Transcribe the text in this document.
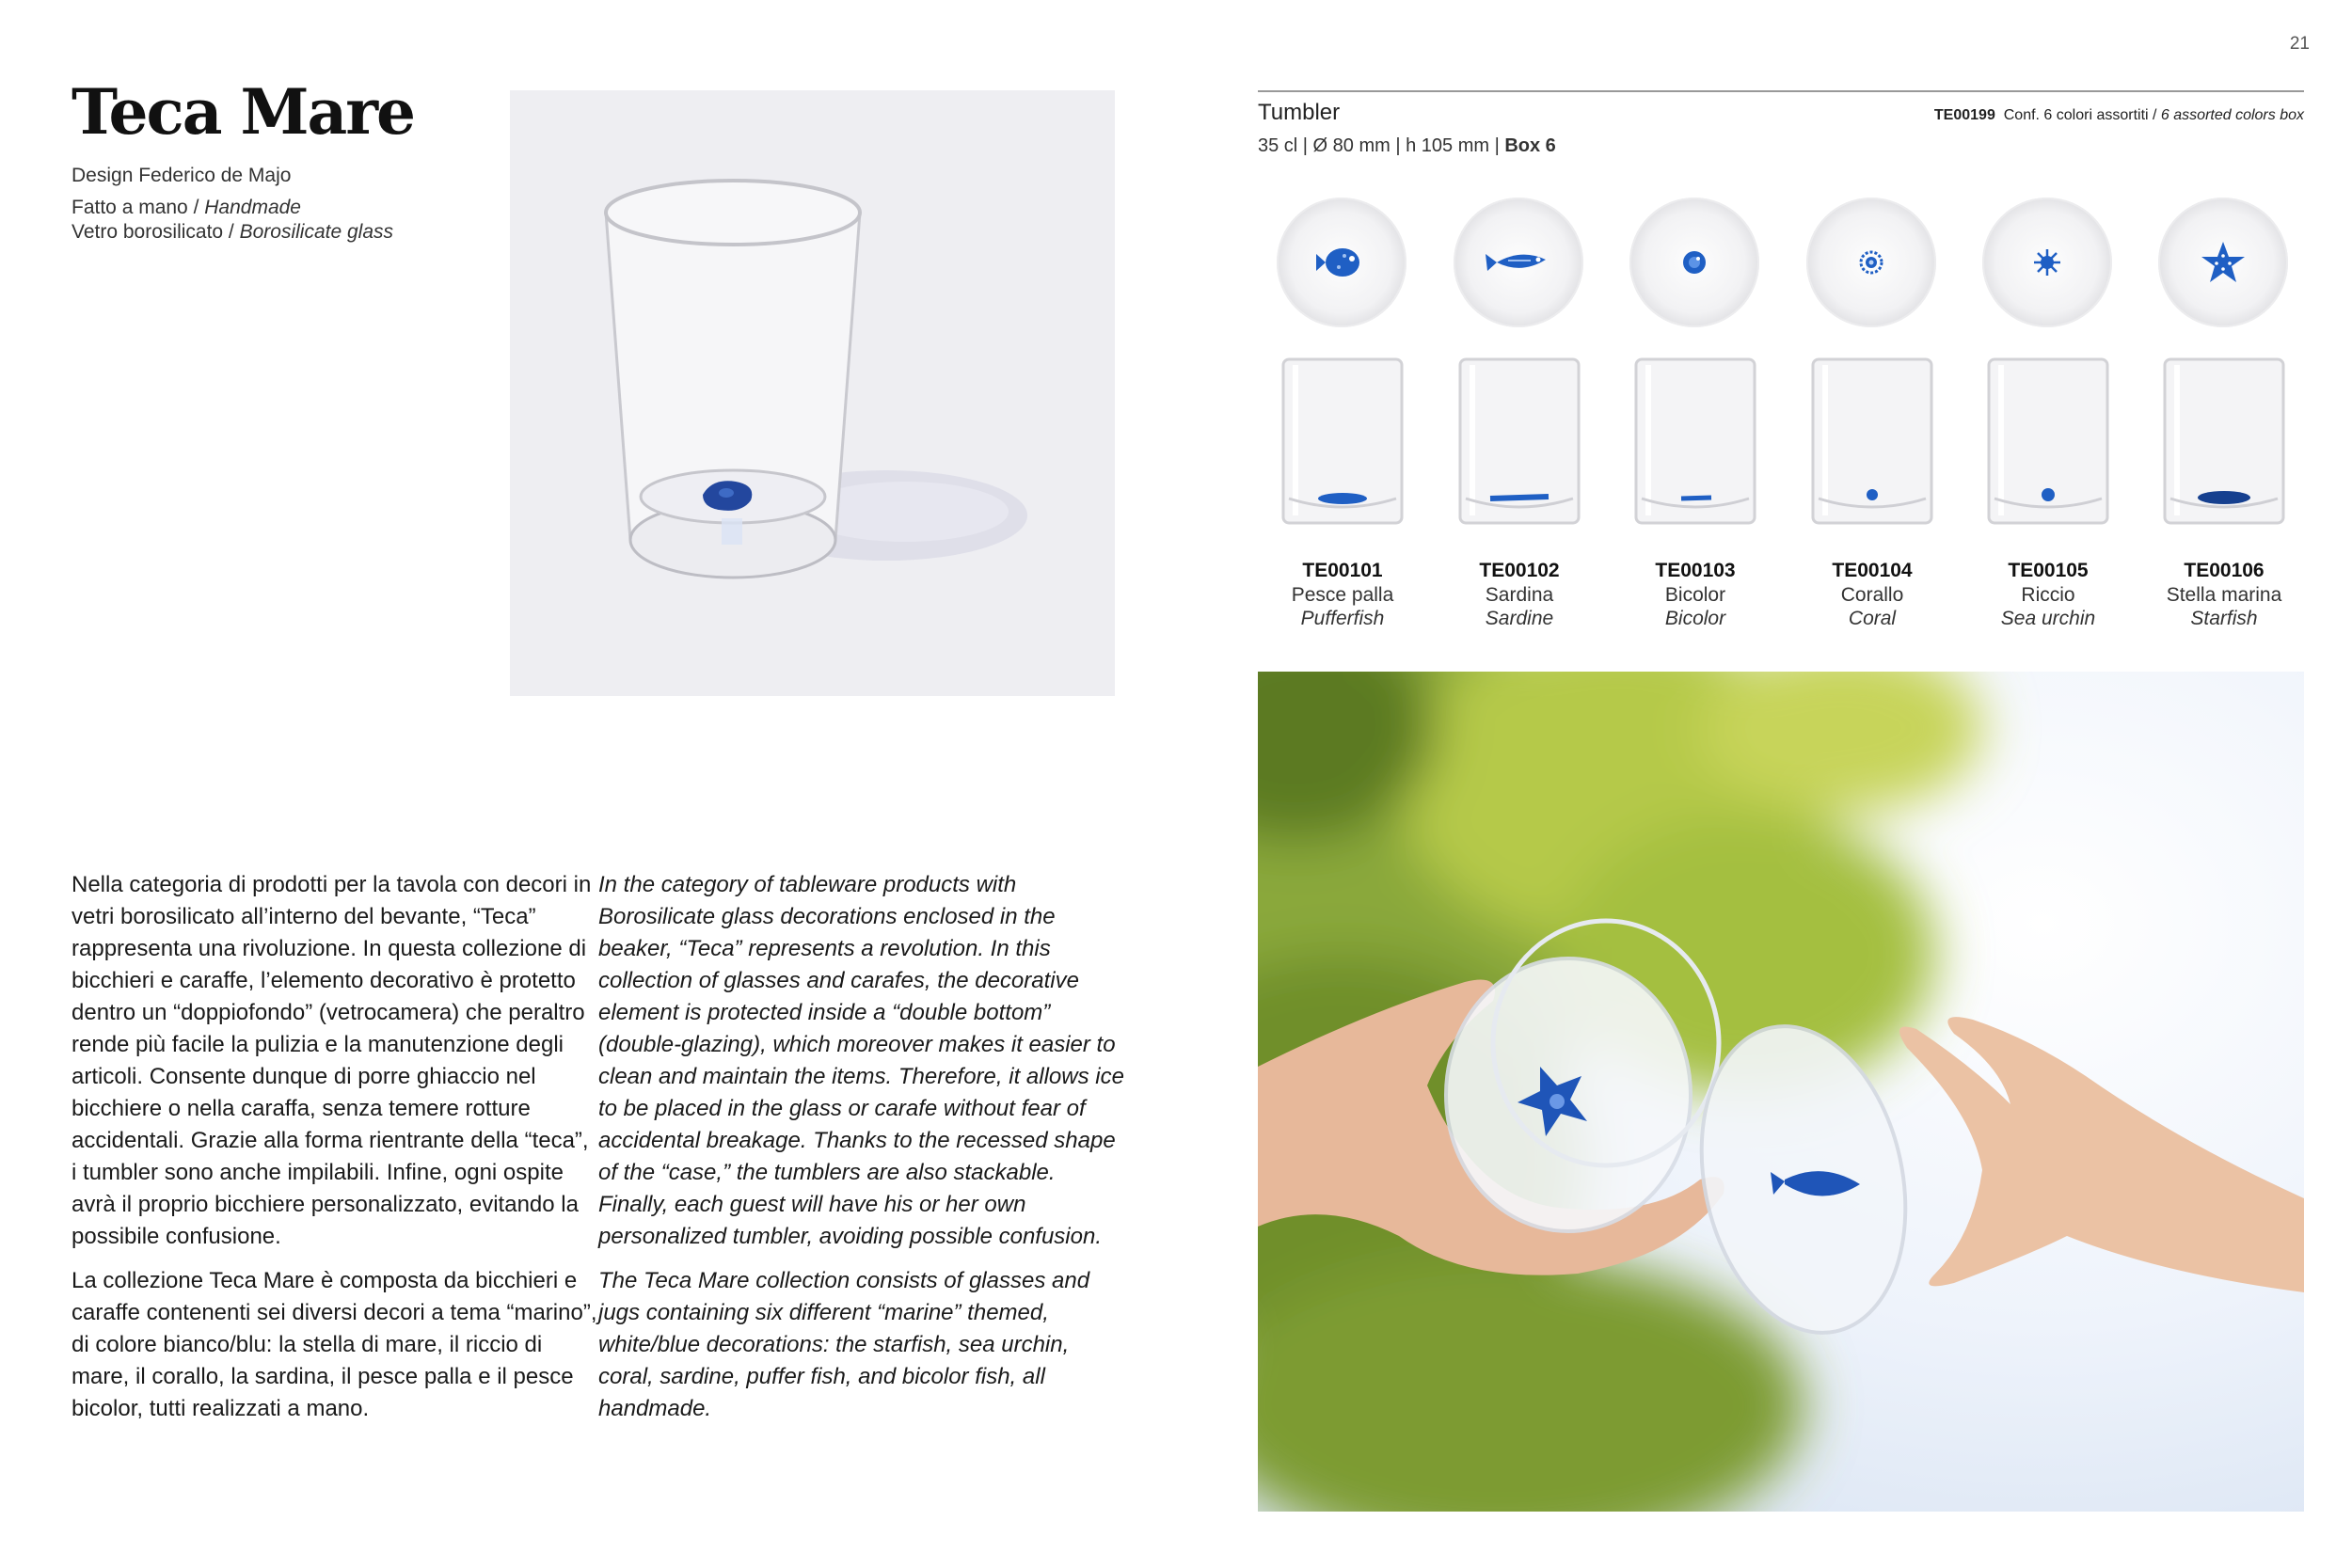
21
Teca Mare
Design Federico de Majo
Fatto a mano / Handmade
Vetro borosilicato / Borosilicate glass
Tumbler
35 cl | Ø 80 mm | h 105 mm | Box 6
TE00199 Conf. 6 colori assortiti / 6 assorted colors box
TE00101
Pesce palla
Pufferfish
TE00102
Sardina
Sardine
TE00103
Bicolor
Bicolor
TE00104
Corallo
Coral
TE00105
Riccio
Sea urchin
TE00106
Stella marina
Starfish

Nella categoria di prodotti per la tavola con decori in vetri borosilicato all’interno del bevante, “Teca” rappresenta una rivoluzione. In questa collezione di bicchieri e caraffe, l’elemento decorativo è protetto dentro un “doppiofondo” (vetrocamera) che peraltro rende più facile la pulizia e la manutenzione degli articoli. Consente dunque di porre ghiaccio nel bicchiere o nella caraffa, senza temere rotture accidentali. Grazie alla forma rientrante della “teca”, i tumbler sono anche impilabili. Infine, ogni ospite avrà il proprio bicchiere personalizzato, evitando la possibile confusione.

La collezione Teca Mare è composta da bicchieri e caraffe contenenti sei diversi decori a tema “marino”, di colore bianco/blu: la stella di mare, il riccio di mare, il corallo, la sardina, il pesce palla e il pesce bicolor, tutti realizzati a mano.

In the category of tableware products with Borosilicate glass decorations enclosed in the beaker, “Teca” represents a revolution. In this collection of glasses and carafes, the decorative element is protected inside a “double bottom” (double-glazing), which moreover makes it easier to clean and maintain the items. Therefore, it allows ice to be placed in the glass or carafe without fear of accidental breakage. Thanks to the recessed shape of the “case,” the tumblers are also stackable. Finally, each guest will have his or her own personalized tumbler, avoiding possible confusion.

The Teca Mare collection consists of glasses and jugs containing six different “marine” themed, white/blue decorations: the starfish, sea urchin, coral, sardine, puffer fish, and bicolor fish, all handmade.
